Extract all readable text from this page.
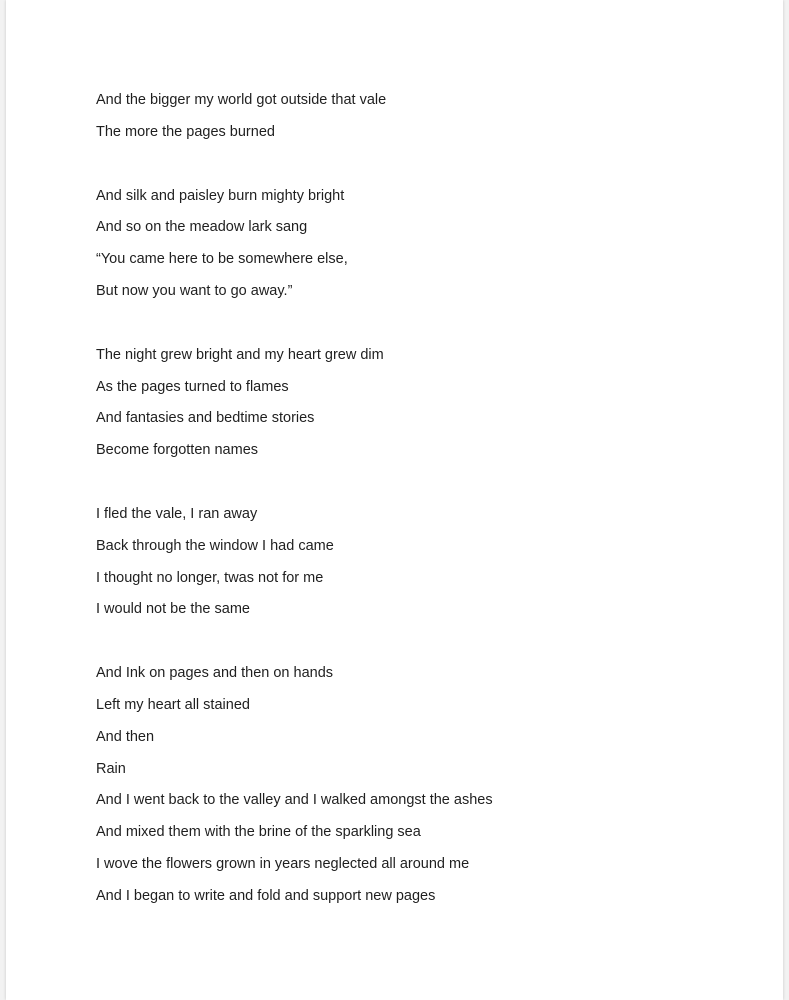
And the bigger my world got outside that vale
The more the pages burned
And silk and paisley burn mighty bright
And so on the meadow lark sang
“You came here to be somewhere else,
But now you want to go away.”
The night grew bright and my heart grew dim
As the pages turned to flames
And fantasies and bedtime stories
Become forgotten names
I fled the vale, I ran away
Back through the window I had came
I thought no longer, twas not for me
I would not be the same
And Ink on pages and then on hands
Left my heart all stained
And then
Rain
And I went back to the valley and I walked amongst the ashes
And mixed them with the brine of the sparkling sea
I wove the flowers grown in years neglected all around me
And I began to write and fold and support new pages
